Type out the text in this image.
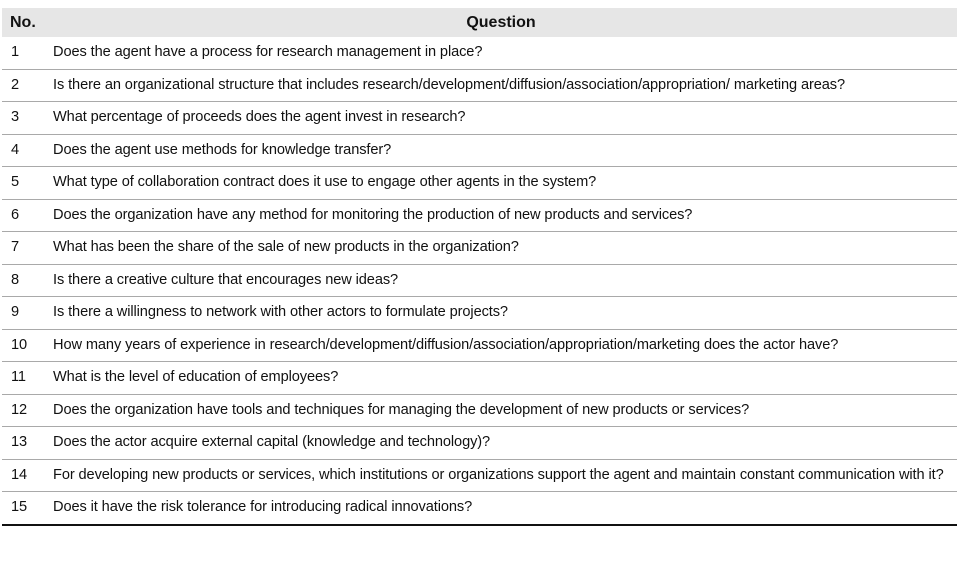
No.	Question
1	Does the agent have a process for research management in place?
2	Is there an organizational structure that includes research/development/diffusion/association/appropriation/ marketing areas?
3	What percentage of proceeds does the agent invest in research?
4	Does the agent use methods for knowledge transfer?
5	What type of collaboration contract does it use to engage other agents in the system?
6	Does the organization have any method for monitoring the production of new products and services?
7	What has been the share of the sale of new products in the organization?
8	Is there a creative culture that encourages new ideas?
9	Is there a willingness to network with other actors to formulate projects?
10	How many years of experience in research/development/diffusion/association/appropriation/marketing does the actor have?
11	What is the level of education of employees?
12	Does the organization have tools and techniques for managing the development of new products or services?
13	Does the actor acquire external capital (knowledge and technology)?
14	For developing new products or services, which institutions or organizations support the agent and maintain constant communication with it?
15	Does it have the risk tolerance for introducing radical innovations?
